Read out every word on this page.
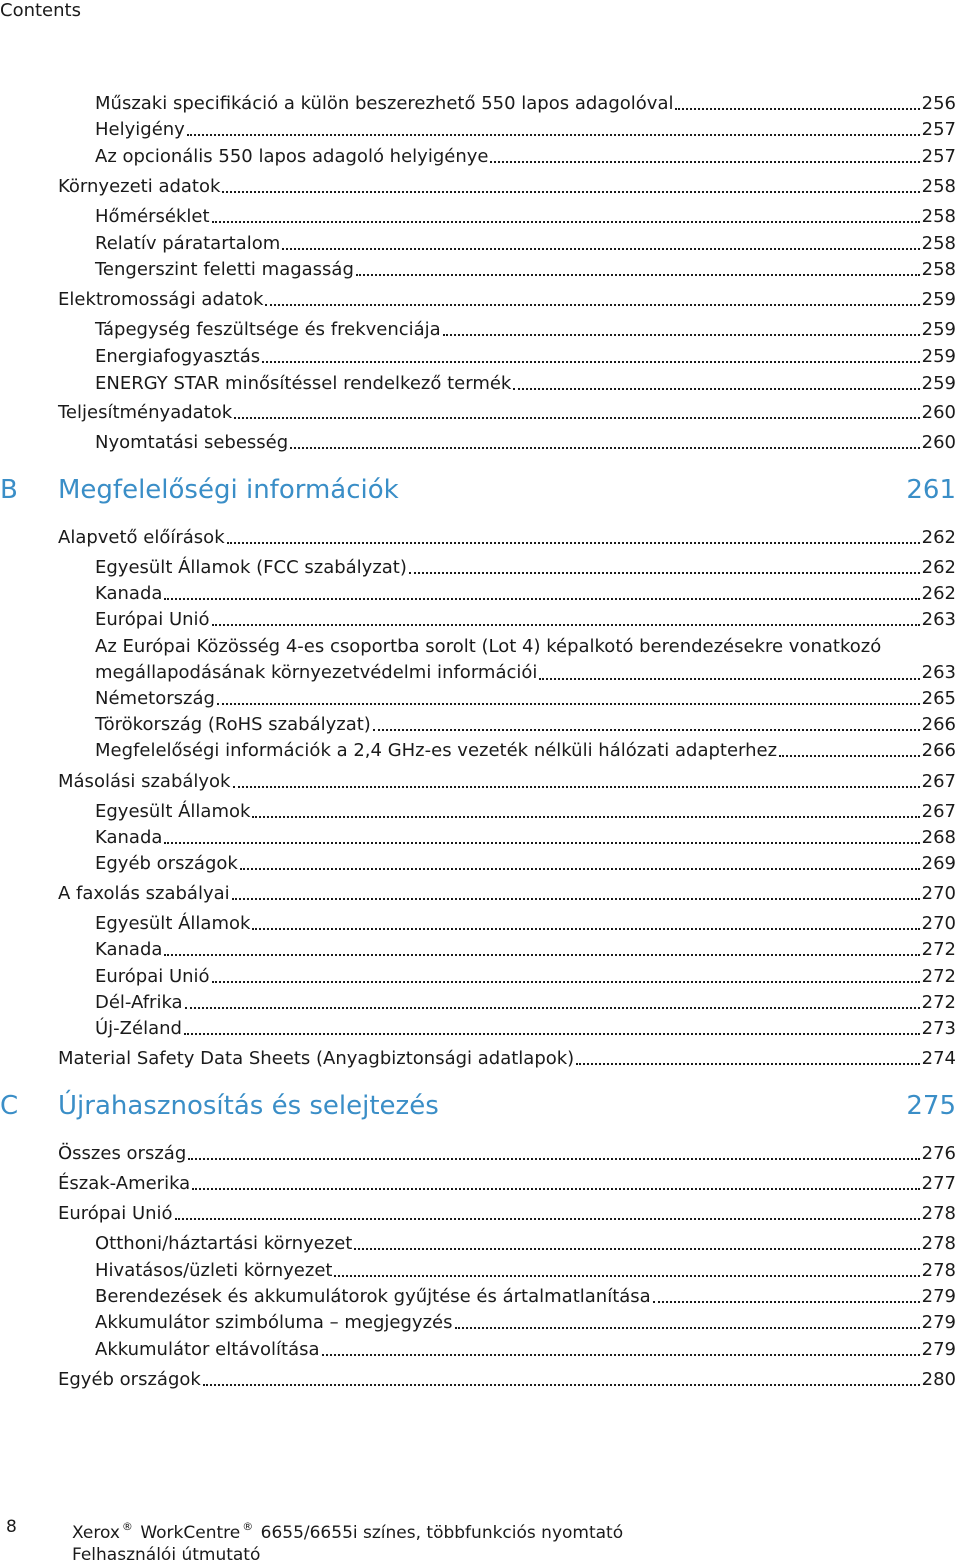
Contents
Műszaki specifikáció a külön beszerezhető 550 lapos adagolóval	256
Helyigény	257
Az opcionális 550 lapos adagoló helyigénye	257
Környezeti adatok	258
Hőmérséklet	258
Relatív páratartalom	258
Tengerszint feletti magasság	258
Elektromossági adatok	259
Tápegység feszültsége és frekvenciája	259
Energiafogyasztás	259
ENERGY STAR minősítéssel rendelkező termék	259
Teljesítményadatok	260
Nyomtatási sebesség	260
B	Megfelelőségi információk	261
Alapvető előírások	262
Egyesült Államok (FCC szabályzat)	262
Kanada	262
Európai Unió	263
Az Európai Közösség 4-es csoportba sorolt (Lot 4) képalkotó berendezésekre vonatkozó
megállapodásának környezetvédelmi információi	263
Németország	265
Törökország (RoHS szabályzat)	266
Megfelelőségi információk a 2,4 GHz-es vezeték nélküli hálózati adapterhez	266
Másolási szabályok	267
Egyesült Államok	267
Kanada	268
Egyéb országok	269
A faxolás szabályai	270
Egyesült Államok	270
Kanada	272
Európai Unió	272
Dél-Afrika	272
Új-Zéland	273
Material Safety Data Sheets (Anyagbiztonsági adatlapok)	274
C	Újrahasznosítás és selejtezés	275
Összes ország	276
Észak-Amerika	277
Európai Unió	278
Otthoni/háztartási környezet	278
Hivatásos/üzleti környezet	278
Berendezések és akkumulátorok gyűjtése és ártalmatlanítása	279
Akkumulátor szimbóluma – megjegyzés	279
Akkumulátor eltávolítása	279
Egyéb országok	280
8	Xerox ® WorkCentre ® 6655/6655i színes, többfunkciós nyomtató
Felhasználói útmutató
